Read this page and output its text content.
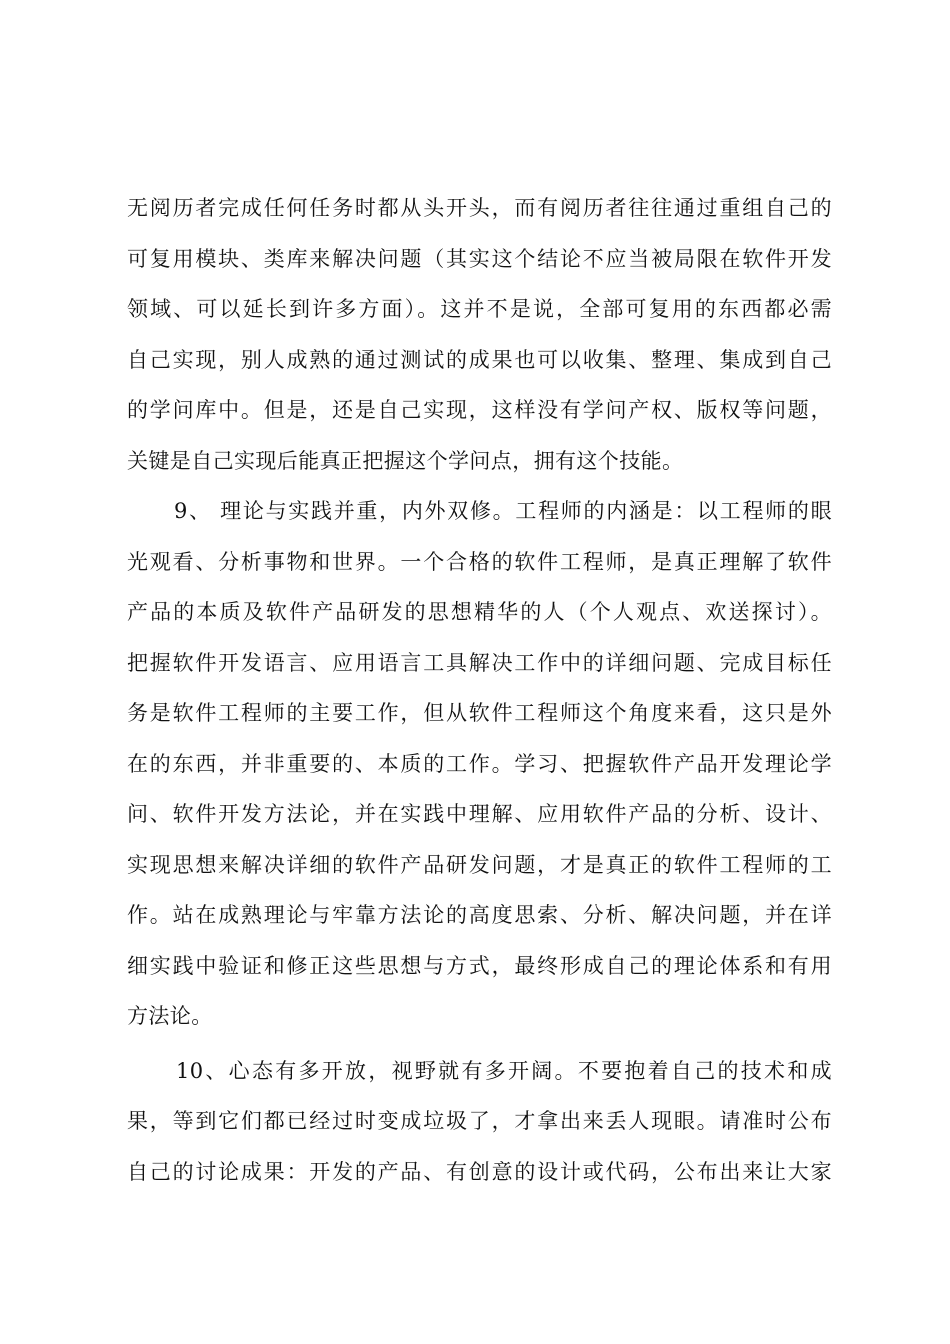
无阅历者完成任何任务时都从头开头，而有阅历者往往通过重组自己的
可复用模块、类库来解决问题（其实这个结论不应当被局限在软件开发
领域、可以延长到许多方面）。这并不是说，全部可复用的东西都必需
自己实现，别人成熟的通过测试的成果也可以收集、整理、集成到自己
的学问库中。但是，还是自己实现，这样没有学问产权、版权等问题，
关键是自己实现后能真正把握这个学问点，拥有这个技能。
9、 理论与实践并重，内外双修。工程师的内涵是：以工程师的眼
光观看、分析事物和世界。一个合格的软件工程师，是真正理解了软件
产品的本质及软件产品研发的思想精华的人（个人观点、欢送探讨）。
把握软件开发语言、应用语言工具解决工作中的详细问题、完成目标任
务是软件工程师的主要工作，但从软件工程师这个角度来看，这只是外
在的东西，并非重要的、本质的工作。学习、把握软件产品开发理论学
问、软件开发方法论，并在实践中理解、应用软件产品的分析、设计、
实现思想来解决详细的软件产品研发问题，才是真正的软件工程师的工
作。站在成熟理论与牢靠方法论的高度思索、分析、解决问题，并在详
细实践中验证和修正这些思想与方式，最终形成自己的理论体系和有用
方法论。
10、心态有多开放，视野就有多开阔。不要抱着自己的技术和成
果，等到它们都已经过时变成垃圾了，才拿出来丢人现眼。请准时公布
自己的讨论成果：开发的产品、有创意的设计或代码，公布出来让大家
